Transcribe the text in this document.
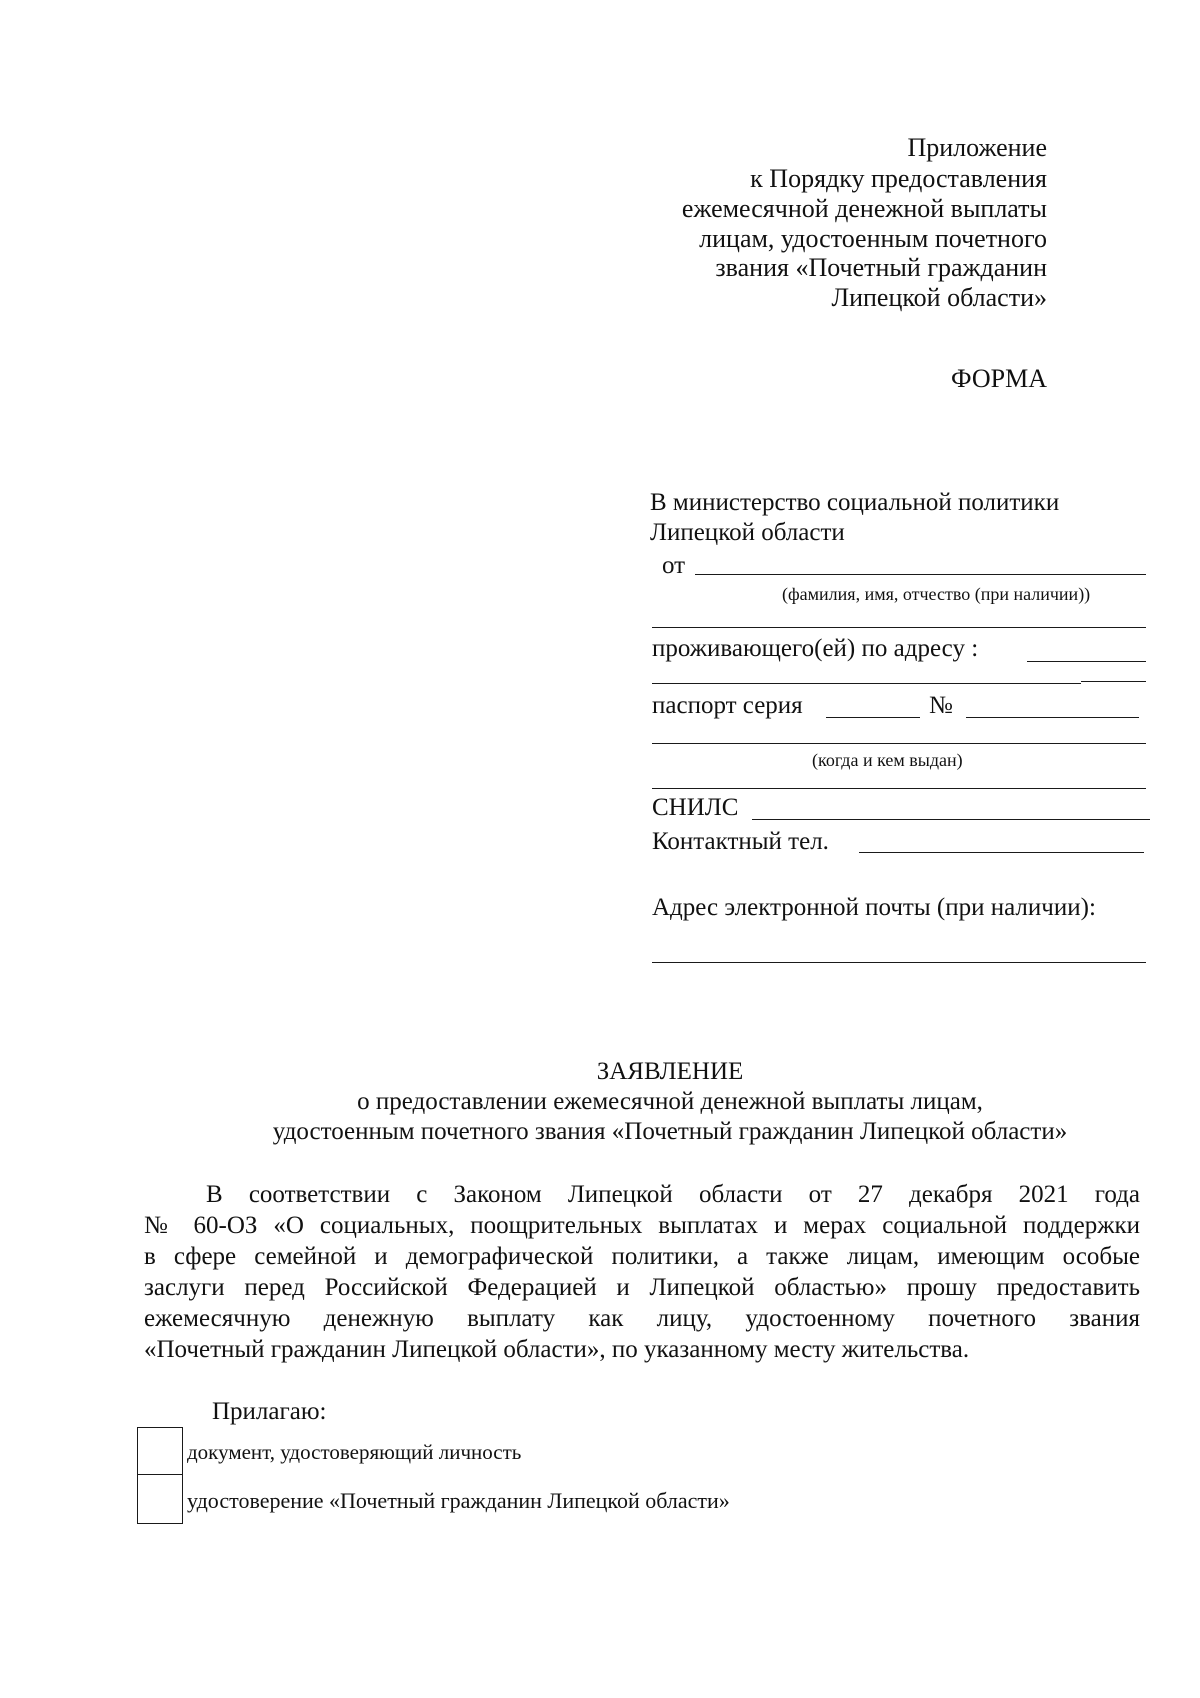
Приложение
к Порядку предоставления
ежемесячной денежной выплаты
лицам, удостоенным почетного
звания «Почетный гражданин
Липецкой области»
ФОРМА
В министерство социальной политики
Липецкой области
от
(фамилия, имя, отчество (при наличии))
проживающего(ей) по адресу :
паспорт серия	№
(когда и кем выдан)
СНИЛС
Контактный тел.
Адрес электронной почты (при наличии):
ЗАЯВЛЕНИЕ
о предоставлении ежемесячной денежной выплаты лицам,
удостоенным почетного звания «Почетный гражданин Липецкой области»
В соответствии с Законом Липецкой области от 27 декабря 2021 года
№ 60-ОЗ «О социальных, поощрительных выплатах и мерах социальной поддержки
в сфере семейной и демографической политики, а также лицам, имеющим особые
заслуги перед Российской Федерацией и Липецкой областью» прошу предоставить
ежемесячную денежную выплату как лицу, удостоенному почетного звания
«Почетный гражданин Липецкой области», по указанному месту жительства.
Прилагаю:
документ, удостоверяющий личность
удостоверение «Почетный гражданин Липецкой области»
